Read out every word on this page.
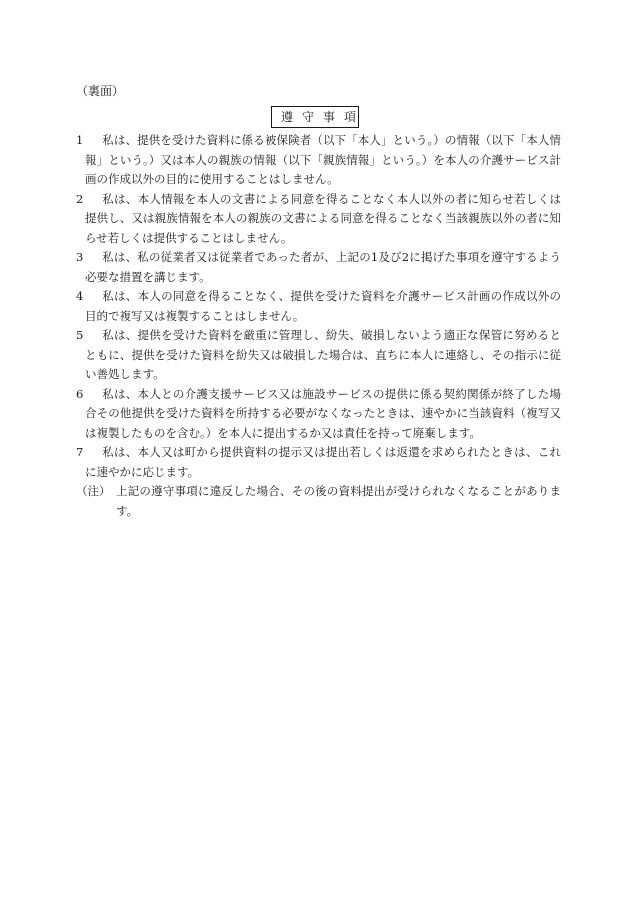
（裏面）
遵守事項

1	私は、提供を受けた資料に係る被保険者（以下「本人」という。）の情報（以下「本人情報」という。）又は本人の親族の情報（以下「親族情報」という。）を本人の介護サービス計画の作成以外の目的に使用することはしません。

2	私は、本人情報を本人の文書による同意を得ることなく本人以外の者に知らせ若しくは提供し、又は親族情報を本人の親族の文書による同意を得ることなく当該親族以外の者に知らせ若しくは提供することはしません。

3	私は、私の従業者又は従業者であった者が、上記の1及び2に掲げた事項を遵守するよう必要な措置を講じます。

4	私は、本人の同意を得ることなく、提供を受けた資料を介護サービス計画の作成以外の目的で複写又は複製することはしません。

5	私は、提供を受けた資料を厳重に管理し、紛失、破損しないよう適正な保管に努めるとともに、提供を受けた資料を紛失又は破損した場合は、直ちに本人に連絡し、その指示に従い善処します。

6	私は、本人との介護支援サービス又は施設サービスの提供に係る契約関係が終了した場合その他提供を受けた資料を所持する必要がなくなったときは、速やかに当該資料（複写又は複製したものを含む。）を本人に提出するか又は責任を持って廃棄します。

7	私は、本人又は町から提供資料の提示又は提出若しくは返還を求められたときは、これに速やかに応じます。

（注） 上記の遵守事項に違反した場合、その後の資料提出が受けられなくなることがあります。
